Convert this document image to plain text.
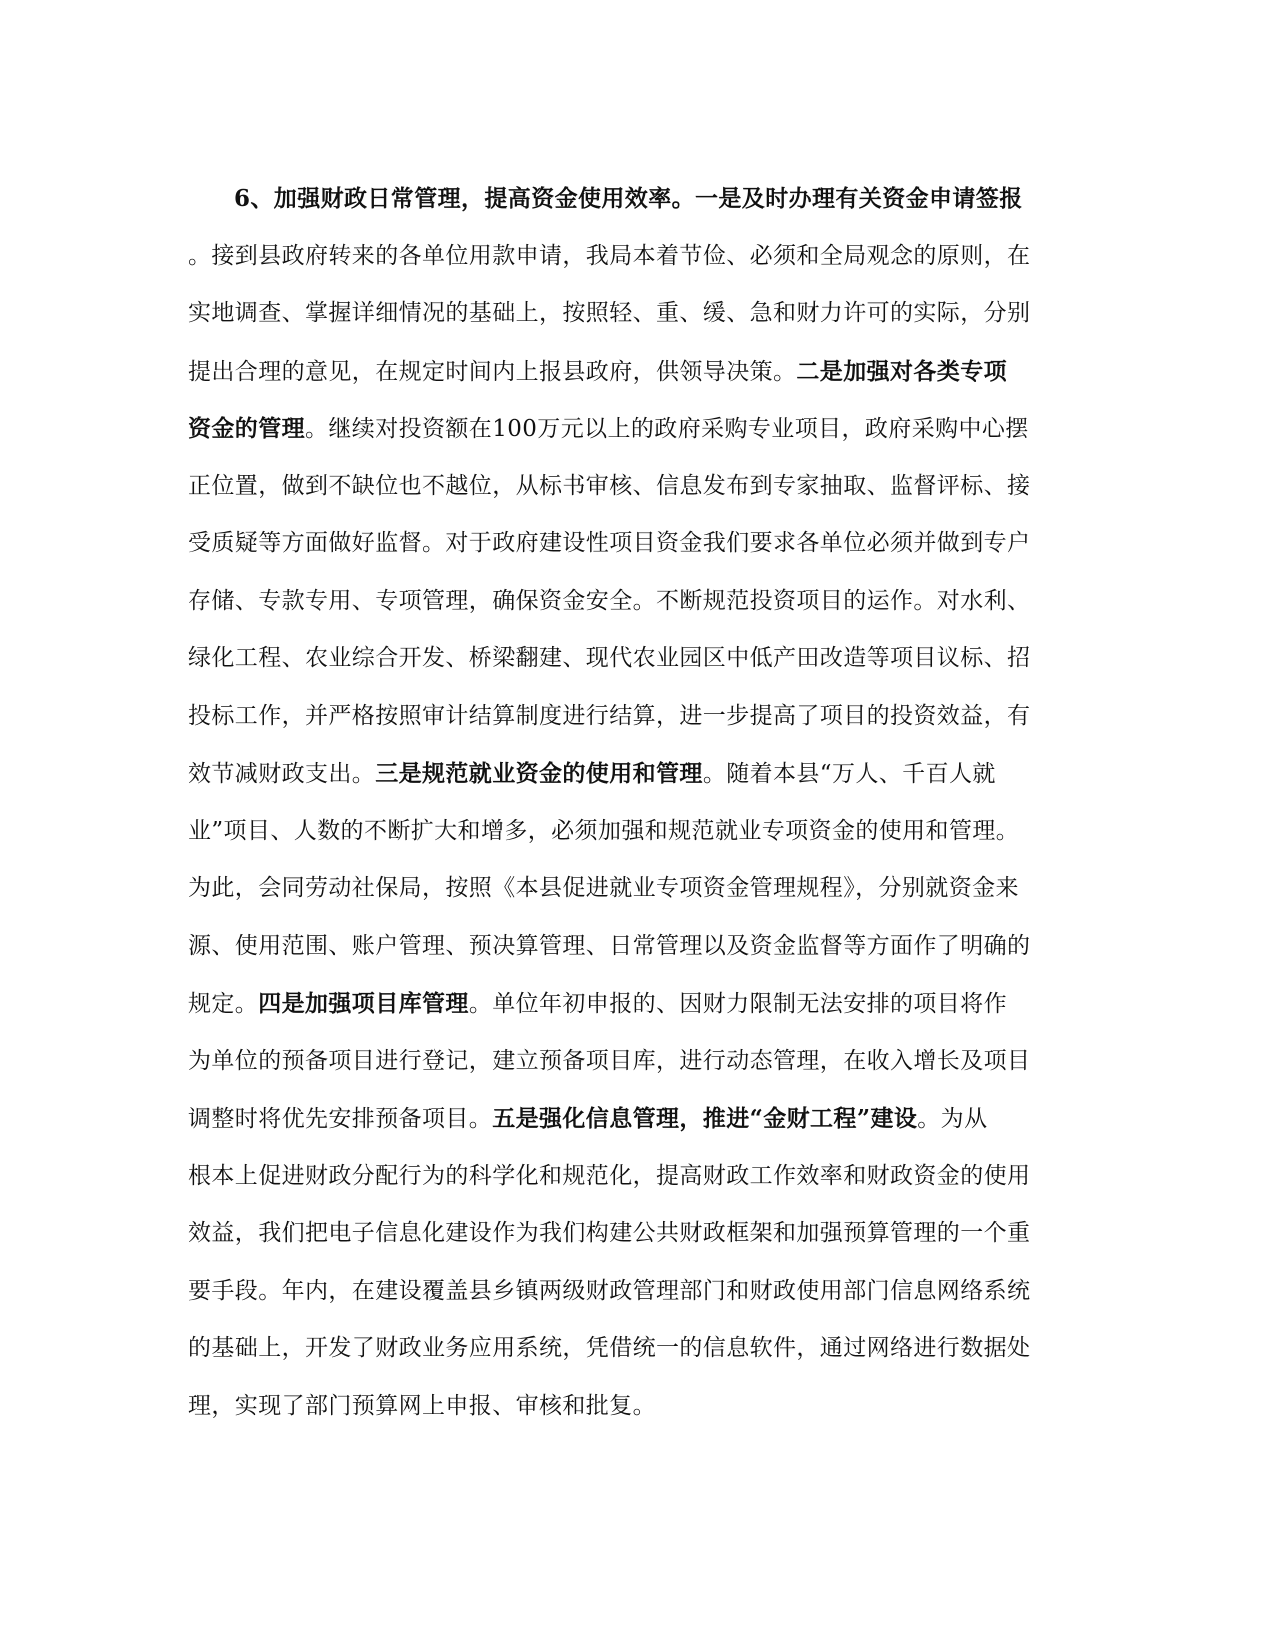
6、加强财政日常管理，提高资金使用效率。一是及时办理有关资金申请签报
。接到县政府转来的各单位用款申请，我局本着节俭、必须和全局观念的原则，在
实地调查、掌握详细情况的基础上，按照轻、重、缓、急和财力许可的实际，分别
提出合理的意见，在规定时间内上报县政府，供领导决策。二是加强对各类专项
资金的管理。继续对投资额在100万元以上的政府采购专业项目，政府采购中心摆
正位置，做到不缺位也不越位，从标书审核、信息发布到专家抽取、监督评标、接
受质疑等方面做好监督。对于政府建设性项目资金我们要求各单位必须并做到专户
存储、专款专用、专项管理，确保资金安全。不断规范投资项目的运作。对水利、
绿化工程、农业综合开发、桥梁翻建、现代农业园区中低产田改造等项目议标、招
投标工作，并严格按照审计结算制度进行结算，进一步提高了项目的投资效益，有
效节减财政支出。三是规范就业资金的使用和管理。随着本县“万人、千百人就
业”项目、人数的不断扩大和增多，必须加强和规范就业专项资金的使用和管理。
为此，会同劳动社保局，按照《本县促进就业专项资金管理规程》，分别就资金来
源、使用范围、账户管理、预决算管理、日常管理以及资金监督等方面作了明确的
规定。四是加强项目库管理。单位年初申报的、因财力限制无法安排的项目将作
为单位的预备项目进行登记，建立预备项目库，进行动态管理，在收入增长及项目
调整时将优先安排预备项目。五是强化信息管理，推进“金财工程”建设。为从
根本上促进财政分配行为的科学化和规范化，提高财政工作效率和财政资金的使用
效益，我们把电子信息化建设作为我们构建公共财政框架和加强预算管理的一个重
要手段。年内，在建设覆盖县乡镇两级财政管理部门和财政使用部门信息网络系统
的基础上，开发了财政业务应用系统，凭借统一的信息软件，通过网络进行数据处
理，实现了部门预算网上申报、审核和批复。
